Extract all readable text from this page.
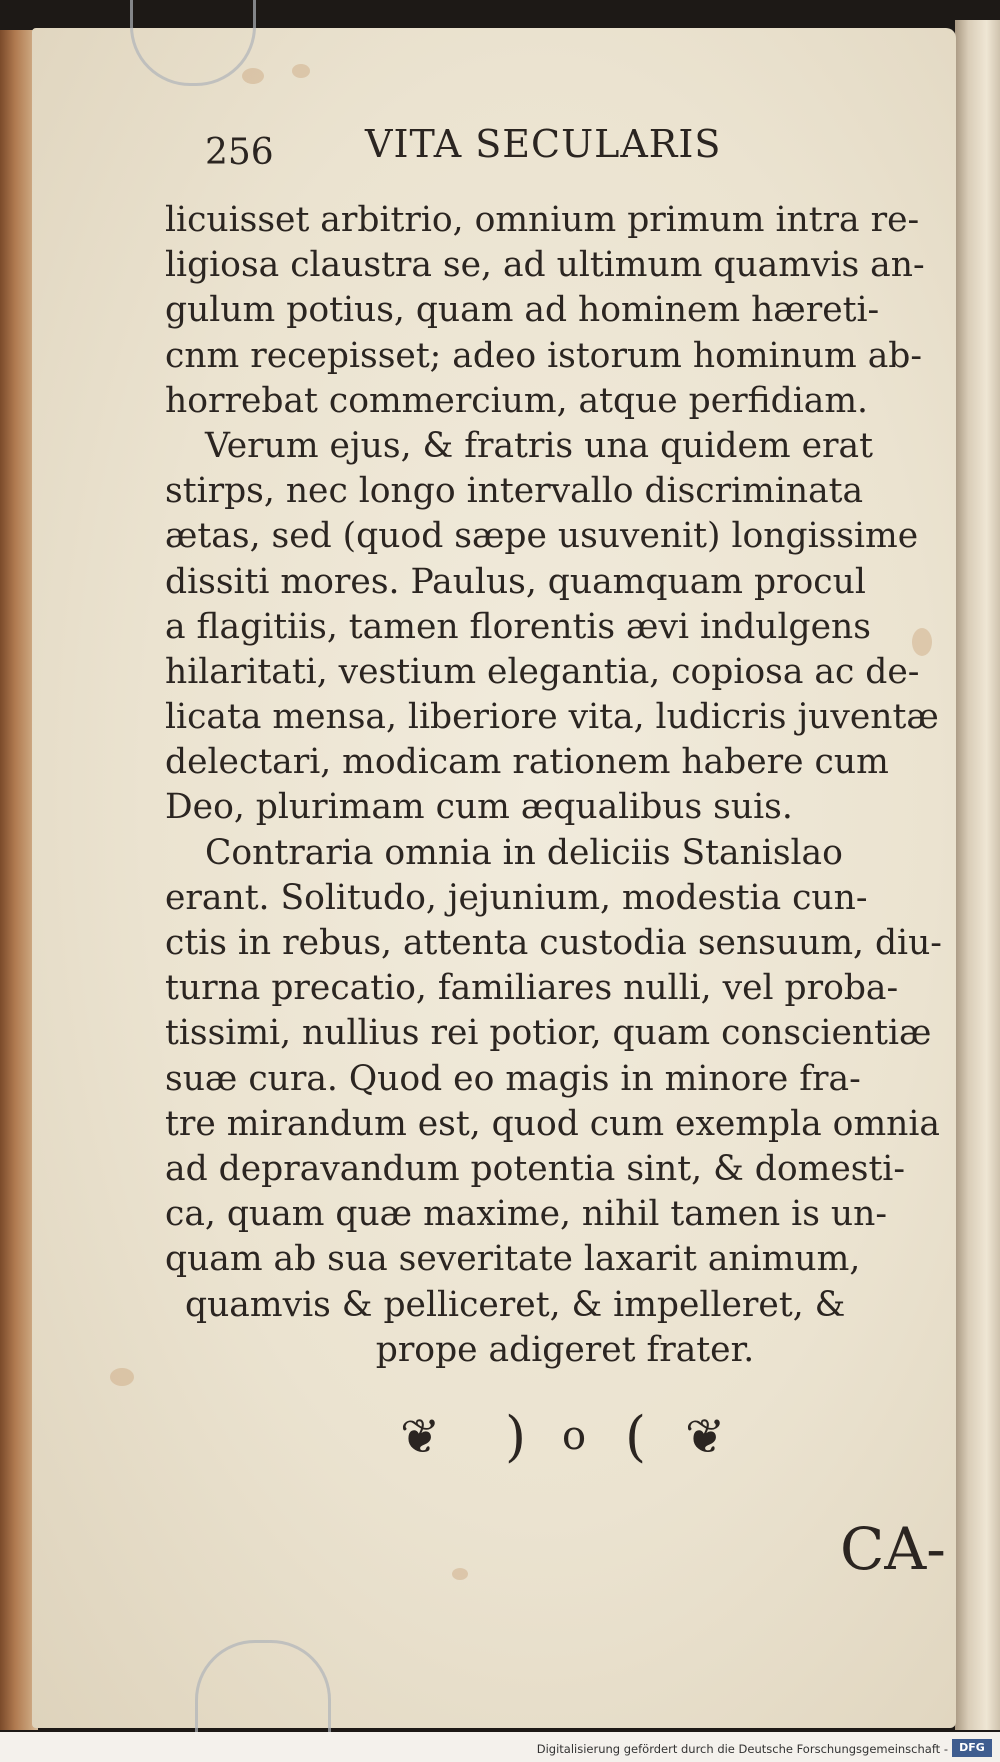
256 VITA SECULARIS
licuisset arbitrio, omnium primum intra re-
ligiosa claustra se, ad ultimum quamvis an-
gulum potius, quam ad hominem hæreti-
cnm recepisset; adeo istorum hominum ab-
horrebat commercium, atque perfidiam.
Verum ejus, & fratris una quidem erat
stirps, nec longo intervallo discriminata
ætas, sed (quod sæpe usuvenit) longissime
dissiti mores. Paulus, quamquam procul
a flagitiis, tamen florentis ævi indulgens
hilaritati, vestium elegantia, copiosa ac de-
licata mensa, liberiore vita, ludicris juventæ
delectari, modicam rationem habere cum
Deo, plurimam cum æqualibus suis.
Contraria omnia in deliciis Stanislao
erant. Solitudo, jejunium, modestia cun-
ctis in rebus, attenta custodia sensuum, diu-
turna precatio, familiares nulli, vel proba-
tissimi, nullius rei potior, quam conscientiæ
suæ cura. Quod eo magis in minore fra-
tre mirandum est, quod cum exempla omnia
ad depravandum potentia sint, & domesti-
ca, quam quæ maxime, nihil tamen is un-
quam ab sua severitate laxarit animum,
quamvis & pelliceret, & impelleret, &
prope adigeret frater.
❦ ) o ( ❦
CA-
Digitalisierung gefördert durch die Deutsche Forschungsgemeinschaft -	DFG
